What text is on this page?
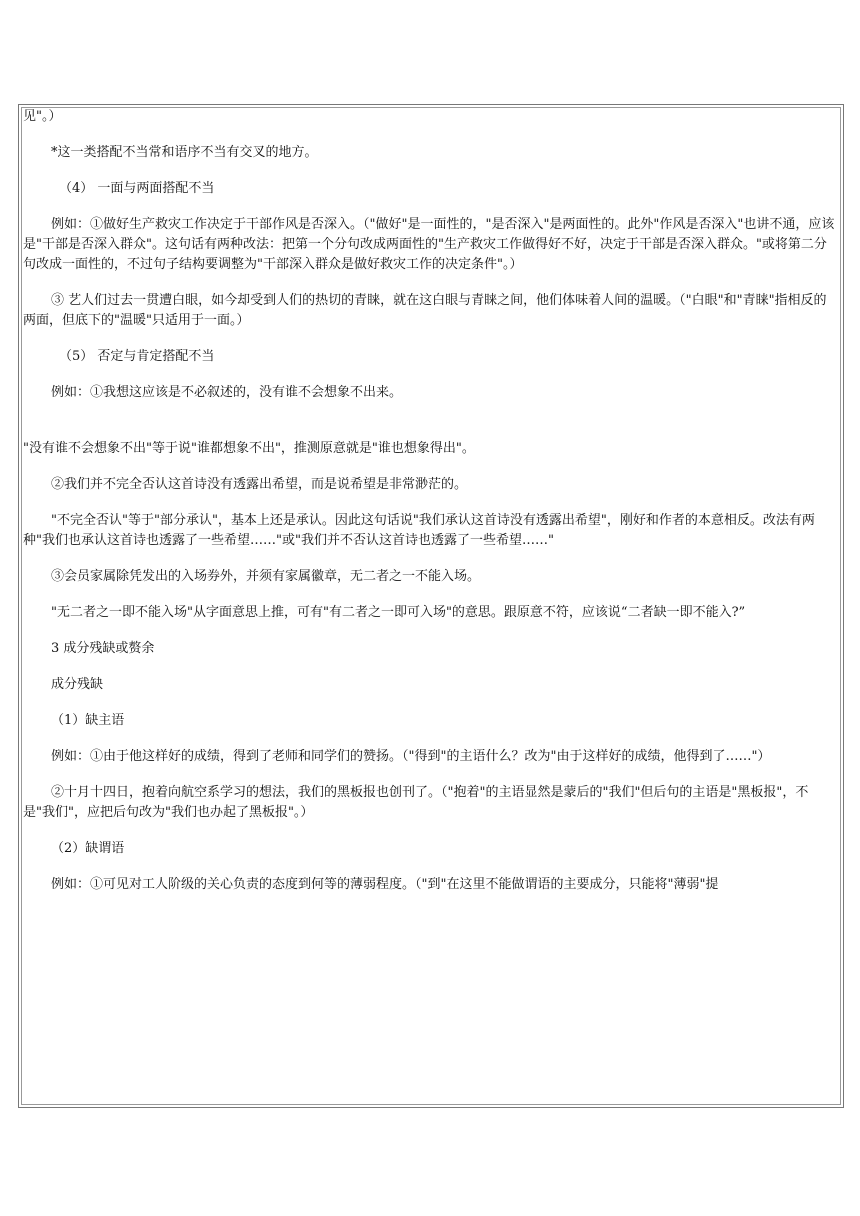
见"。）

*这一类搭配不当常和语序不当有交叉的地方。

（4） 一面与两面搭配不当

例如：①做好生产救灾工作决定于干部作风是否深入。（"做好"是一面性的，"是否深入"是两面性的。此外"作风是否深入"也讲不通，应该是"干部是否深入群众"。这句话有两种改法：把第一个分句改成两面性的"生产救灾工作做得好不好，决定于干部是否深入群众。"或将第二分句改成一面性的，不过句子结构要调整为"干部深入群众是做好救灾工作的决定条件"。）

③ 艺人们过去一贯遭白眼，如今却受到人们的热切的青睐，就在这白眼与青睐之间，他们体味着人间的温暖。（"白眼"和"青睐"指相反的两面，但底下的"温暖"只适用于一面。）

（5） 否定与肯定搭配不当

例如：①我想这应该是不必叙述的，没有谁不会想象不出来。

"没有谁不会想象不出"等于说"谁都想象不出"，推测原意就是"谁也想象得出"。

②我们并不完全否认这首诗没有透露出希望，而是说希望是非常渺茫的。

"不完全否认"等于"部分承认"，基本上还是承认。因此这句话说"我们承认这首诗没有透露出希望"，刚好和作者的本意相反。改法有两种"我们也承认这首诗也透露了一些希望……"或"我们并不否认这首诗也透露了一些希望……"

③会员家属除凭发出的入场券外，并须有家属徽章，无二者之一不能入场。

"无二者之一即不能入场"从字面意思上推，可有"有二者之一即可入场"的意思。跟原意不符，应该说“二者缺一即不能入?”

3 成分残缺或赘余

成分残缺

（1）缺主语

例如：①由于他这样好的成绩，得到了老师和同学们的赞扬。（"得到"的主语什么？改为"由于这样好的成绩，他得到了……"）

②十月十四日，抱着向航空系学习的想法，我们的黑板报也创刊了。（"抱着"的主语显然是蒙后的"我们"但后句的主语是"黑板报"，不是"我们"，应把后句改为"我们也办起了黑板报"。）

（2）缺谓语

例如：①可见对工人阶级的关心负责的态度到何等的薄弱程度。（"到"在这里不能做谓语的主要成分，只能将"薄弱"提
